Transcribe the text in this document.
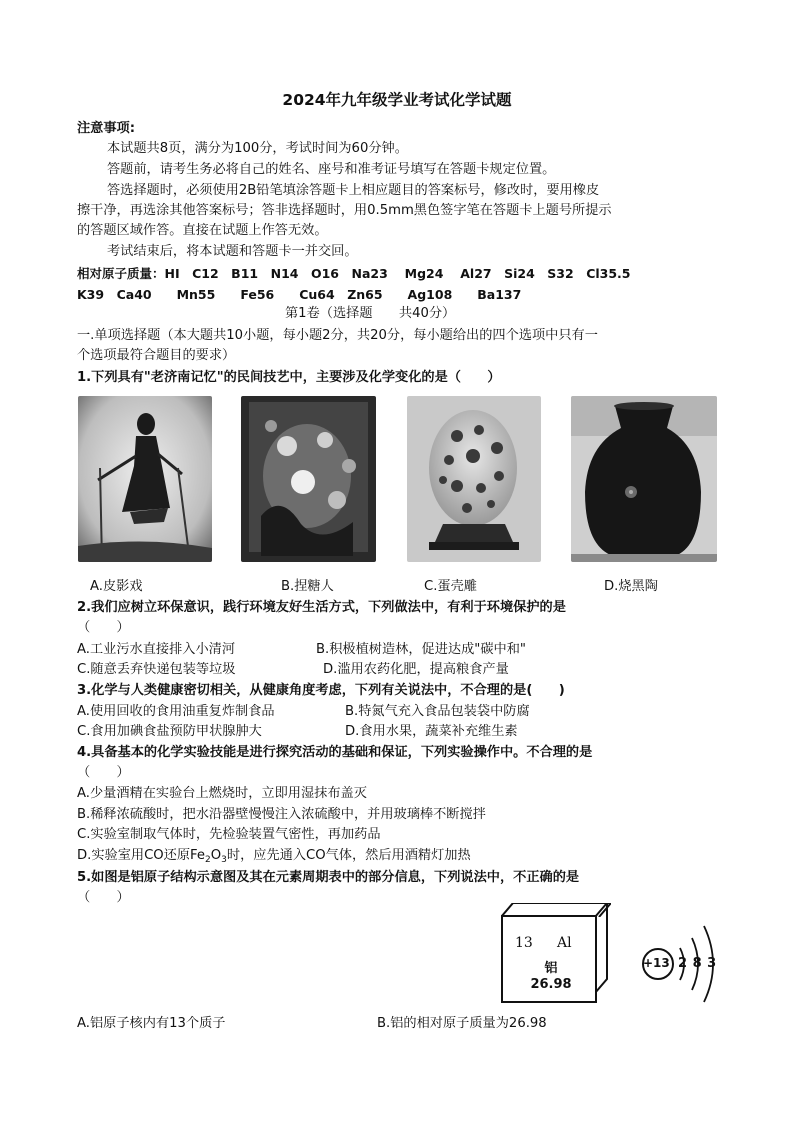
2024年九年级学业考试化学试题
注意事项:
本试题共8页，满分为100分，考试时间为60分钟。
答题前，请考生务必将自己的姓名、座号和准考证号填写在答题卡规定位置。
答选择题时，必须使用2B铅笔填涂答题卡上相应题目的答案标号，修改时，要用橡皮
擦干净，再选涂其他答案标号；答非选择题时，用0.5mm黑色签字笔在答题卡上题号所提示
的答题区域作答。直接在试题上作答无效。
考试结束后，将本试题和答题卡一并交回。
相对原子质量：HI　C12　B11　N14　O16　Na23　 Mg24　 Al27　Si24　S32　Cl35.5
K39　Ca40　　Mn55　　Fe56　　Cu64　Zn65　　Ag108　　Ba137
第1卷（选择题　　共40分）
一.单项选择题（本大题共10小题，每小题2分，共20分，每小题给出的四个选项中只有一
个选项最符合题目的要求）
1.下列具有"老济南记忆"的民间技艺中，主要涉及化学变化的是（　　）
A.皮影戏	B.捏糖人	C.蛋壳雕	D.烧黑陶
2.我们应树立环保意识，践行环境友好生活方式，下列做法中，有利于环境保护的是
（　　）
A.工业污水直接排入小清河	B.积极植树造林，促进达成"碳中和"
C.随意丢弃快递包装等垃圾	D.滥用农药化肥，提高粮食产量
3.化学与人类健康密切相关，从健康角度考虑，下列有关说法中，不合理的是(　　)
A.使用回收的食用油重复炸制食品	B.特氮气充入食品包装袋中防腐
C.食用加碘食盐预防甲状腺肿大	D.食用水果，蔬菜补充维生素
4.具备基本的化学实验技能是进行探究活动的基础和保证，下列实验操作中。不合理的是
（　　）
A.少量酒精在实验台上燃烧时，立即用湿抹布盖灭
B.稀释浓硫酸时，把水沿器壁慢慢注入浓硫酸中，并用玻璃棒不断搅拌
C.实验室制取气体时，先检验装置气密性，再加药品
D.实验室用CO还原$Fe_2O_3$时，应先通入CO气体，然后用酒精灯加热
5.如图是铝原子结构示意图及其在元素周期表中的部分信息，下列说法中，不正确的是
（　　）
13 Al
铝
26.98
+13 2 8 3
A.铝原子核内有13个质子	B.铝的相对原子质量为26.98
